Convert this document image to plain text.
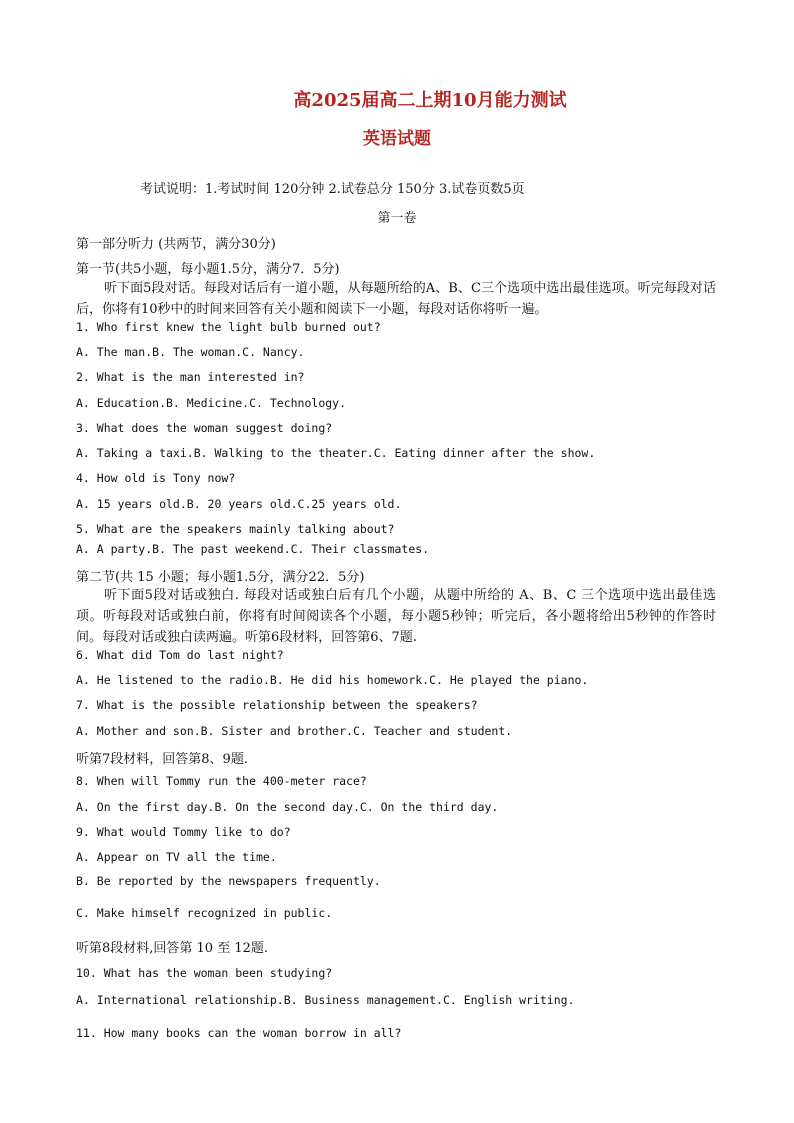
高2025届高二上期10月能力测试
英语试题
考试说明：1.考试时间 120分钟 2.试卷总分 150分 3.试卷页数5页
第一卷
第一部分听力 (共两节，满分30分)
第一节(共5小题，每小题1.5分，满分7．5分)
听下面5段对话。每段对话后有一道小题，从每题所给的A、B、C三个选项中选出最佳选项。听完每段对话后，你将有10秒中的时间来回答有关小题和阅读下一小题，每段对话你将听一遍。
1. Who first knew the light bulb burned out?
A. The man.B. The woman.C. Nancy.
2. What is the man interested in?
A. Education.B. Medicine.C. Technology.
3. What does the woman suggest doing?
A. Taking a taxi.B. Walking to the theater.C. Eating dinner after the show.
4. How old is Tony now?
A. 15 years old.B. 20 years old.C.25 years old.
5. What are the speakers mainly talking about?
A. A party.B. The past weekend.C. Their classmates.
第二节(共 15 小题；每小题1.5分，满分22．5分)
听下面5段对话或独白. 每段对话或独白后有几个小题，从题中所给的 A、B、C 三个选项中选出最佳选项。听每段对话或独白前，你将有时间阅读各个小题，每小题5秒钟；听完后，各小题将给出5秒钟的作答时间。每段对话或独白读两遍。听第6段材料，回答第6、7题.
6. What did Tom do last night?
A. He listened to the radio.B. He did his homework.C. He played the piano.
7. What is the possible relationship between the speakers?
A. Mother and son.B. Sister and brother.C. Teacher and student.
听第7段材料，回答第8、9题.
8. When will Tommy run the 400-meter race?
A. On the first day.B. On the second day.C. On the third day.
9. What would Tommy like to do?
A. Appear on TV all the time.
B. Be reported by the newspapers frequently.
C. Make himself recognized in public.
听第8段材料,回答第 10 至 12题.
10. What has the woman been studying?
A. International relationship.B. Business management.C. English writing.
11. How many books can the woman borrow in all?
